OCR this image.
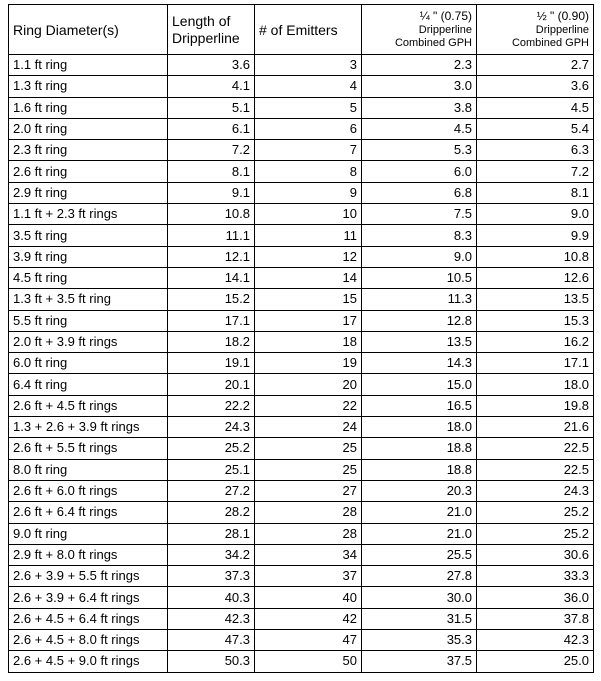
Ring Diameter(s)	Length of Dripperline	# of Emitters	¼ " (0.75)
Dripperline
Combined GPH	½ " (0.90)
Dripperline
Combined GPH

1.1 ft ring	3.6	3	2.3	2.7
1.3 ft ring	4.1	4	3.0	3.6
1.6 ft ring	5.1	5	3.8	4.5
2.0 ft ring	6.1	6	4.5	5.4
2.3 ft ring	7.2	7	5.3	6.3
2.6 ft ring	8.1	8	6.0	7.2
2.9 ft ring	9.1	9	6.8	8.1
1.1 ft + 2.3 ft rings	10.8	10	7.5	9.0
3.5 ft ring	11.1	11	8.3	9.9
3.9 ft ring	12.1	12	9.0	10.8
4.5 ft ring	14.1	14	10.5	12.6
1.3 ft + 3.5 ft ring	15.2	15	11.3	13.5
5.5 ft ring	17.1	17	12.8	15.3
2.0 ft + 3.9 ft rings	18.2	18	13.5	16.2
6.0 ft ring	19.1	19	14.3	17.1
6.4 ft ring	20.1	20	15.0	18.0
2.6 ft + 4.5 ft rings	22.2	22	16.5	19.8
1.3 + 2.6 + 3.9 ft rings	24.3	24	18.0	21.6
2.6 ft + 5.5 ft rings	25.2	25	18.8	22.5
8.0 ft ring	25.1	25	18.8	22.5
2.6 ft + 6.0 ft rings	27.2	27	20.3	24.3
2.6 ft + 6.4 ft rings	28.2	28	21.0	25.2
9.0 ft ring	28.1	28	21.0	25.2
2.9 ft + 8.0 ft rings	34.2	34	25.5	30.6
2.6 + 3.9 + 5.5 ft rings	37.3	37	27.8	33.3
2.6 + 3.9 + 6.4 ft rings	40.3	40	30.0	36.0
2.6 + 4.5 + 6.4 ft rings	42.3	42	31.5	37.8
2.6 + 4.5 + 8.0 ft rings	47.3	47	35.3	42.3
2.6 + 4.5 + 9.0 ft rings	50.3	50	37.5	25.0
